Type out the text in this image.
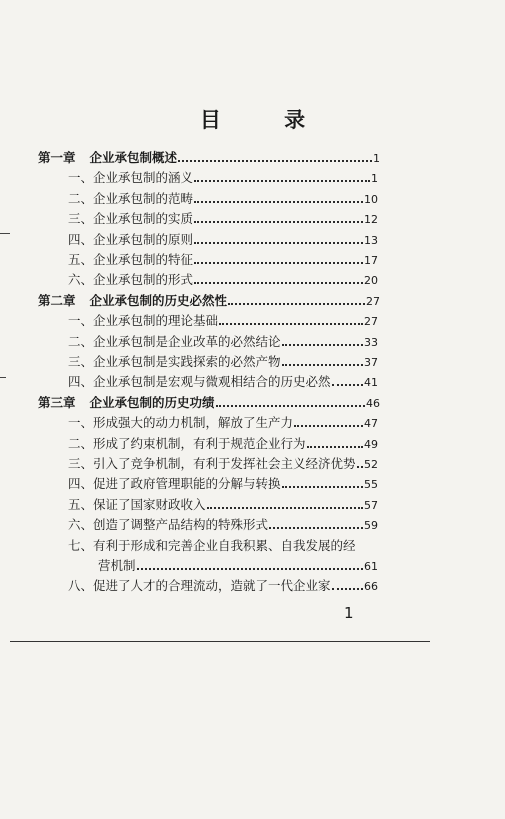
目 录
第一章 企业承包制概述	1
一、 企业承包制的涵义	1
二、 企业承包制的范畴	10
三、 企业承包制的实质	12
四、 企业承包制的原则	13
五、 企业承包制的特征	17
六、 企业承包制的形式	20
第二章 企业承包制的历史必然性	27
一、 企业承包制的理论基础	27
二、 企业承包制是企业改革的必然结论	33
三、 企业承包制是实践探索的必然产物	37
四、 企业承包制是宏观与微观相结合的历史必然	41
第三章 企业承包制的历史功绩	46
一、 形成强大的动力机制，解放了生产力	47
二、 形成了约束机制，有利于规范企业行为	49
三、 引入了竞争机制，有利于发挥社会主义经济优势 52
四、 促进了政府管理职能的分解与转换	55
五、 保证了国家财政收入	57
六、 创造了调整产品结构的特殊形式	59
七、 有利于形成和完善企业自我积累、自我发展的经
营机制	61
八、 促进了人才的合理流动，造就了一代企业家	66
1
